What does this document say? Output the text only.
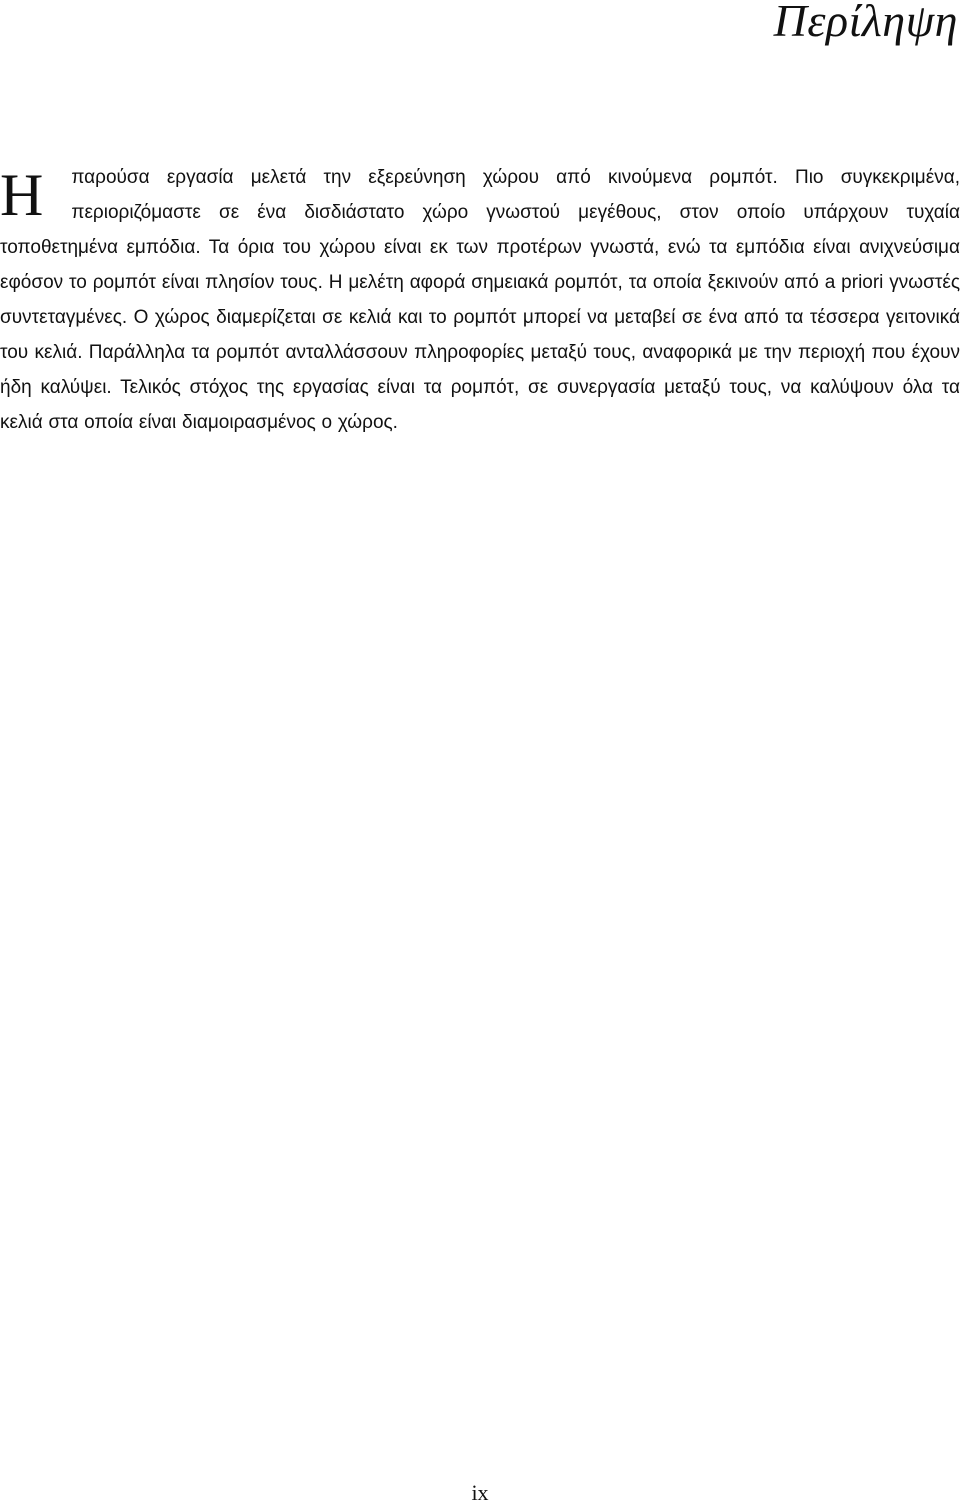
Περίληψη

Η	παρούσα εργασία μελετά την εξερεύνηση χώρου από κινούμενα ρομπότ. Πιο συγκεκριμένα, περιοριζόμαστε σε ένα δισδιάστατο χώρο γνωστού μεγέθους, στον οποίο υπάρχουν τυχαία τοποθετημένα εμπόδια. Τα όρια του χώρου είναι εκ των προτέρων γνωστά, ενώ τα εμπόδια είναι ανιχνεύσιμα εφόσον το ρομπότ είναι πλησίον τους. Η μελέτη αφορά σημειακά ρομπότ, τα οποία ξεκινούν από a priori γνωστές συντεταγμένες. Ο χώρος διαμερίζεται σε κελιά και το ρομπότ μπορεί να μεταβεί σε ένα από τα τέσσερα γειτονικά του κελιά. Παράλληλα τα ρομπότ ανταλλάσσουν πληροφορίες μεταξύ τους, αναφορικά με την περιοχή που έχουν ήδη καλύψει. Τελικός στόχος της εργασίας είναι τα ρομπότ, σε συνεργασία μεταξύ τους, να καλύψουν όλα τα κελιά στα οποία είναι διαμοιρασμένος ο χώρος.

ix
